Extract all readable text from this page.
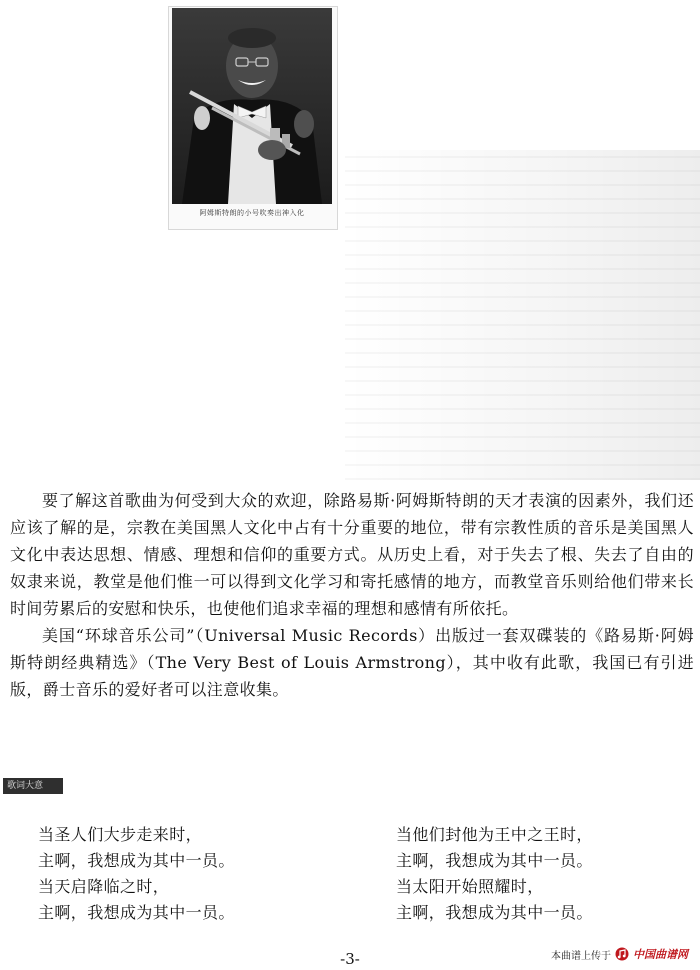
阿姆斯特朗的小号吹奏出神入化

要了解这首歌曲为何受到大众的欢迎，除路易斯·阿姆斯特朗的天才表演的因素外，我们还应该了解的是，宗教在美国黑人文化中占有十分重要的地位，带有宗教性质的音乐是美国黑人文化中表达思想、情感、理想和信仰的重要方式。从历史上看，对于失去了根、失去了自由的奴隶来说，教堂是他们惟一可以得到文化学习和寄托感情的地方，而教堂音乐则给他们带来长时间劳累后的安慰和快乐，也使他们追求幸福的理想和感情有所依托。

美国“环球音乐公司”（Universal Music Records）出版过一套双碟装的《路易斯·阿姆斯特朗经典精选》（The Very Best of Louis Armstrong），其中收有此歌，我国已有引进版，爵士音乐的爱好者可以注意收集。

歌词大意
当圣人们大步走来时，
主啊，我想成为其中一员。
当天启降临之时，
主啊，我想成为其中一员。
当他们封他为王中之王时，
主啊，我想成为其中一员。
当太阳开始照耀时，
主啊，我想成为其中一员。
-3-	本曲谱上传于 中国曲谱网
